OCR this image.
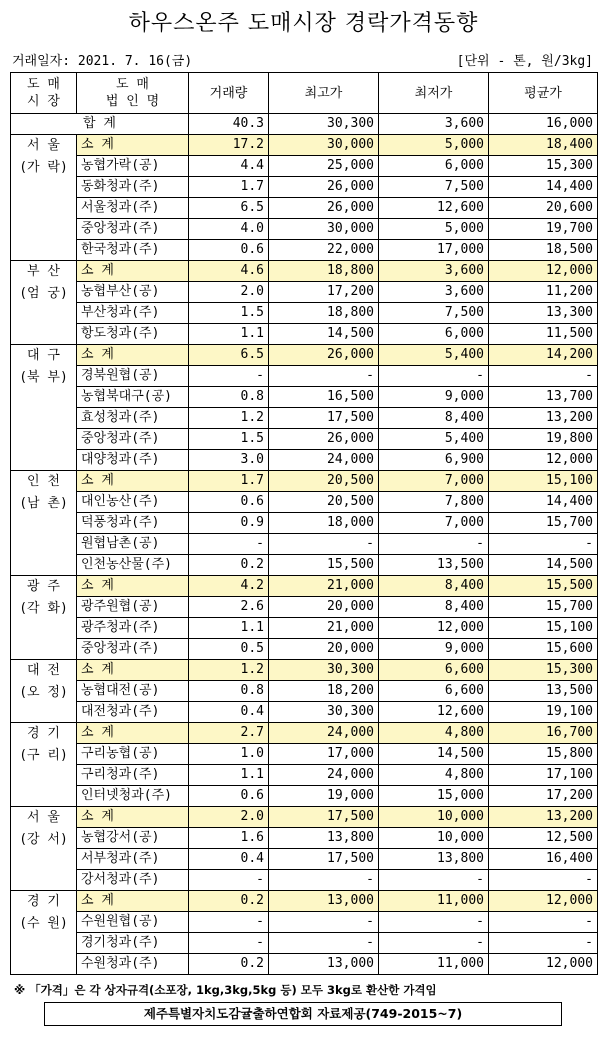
하우스온주 도매시장 경락가격동향
거래일자: 2021. 7. 16(금)	[단위 - 톤, 원/3kg]
도 매
시 장	도 매
법 인 명	거래량	최고가	최저가	평균가
합 계		40.3	30,300	3,600	16,000

서 울
(가 락)	소 계	17.2	30,000	5,000	18,400
	농협가락(공)	4.4	25,000	6,000	15,300
	동화청과(주)	1.7	26,000	7,500	14,400
	서울청과(주)	6.5	26,000	12,600	20,600
	중앙청과(주)	4.0	30,000	5,000	19,700
	한국청과(주)	0.6	22,000	17,000	18,500

부 산
(엄 궁)	소 계	4.6	18,800	3,600	12,000
	농협부산(공)	2.0	17,200	3,600	11,200
	부산청과(주)	1.5	18,800	7,500	13,300
	항도청과(주)	1.1	14,500	6,000	11,500

대 구
(북 부)	소 계	6.5	26,000	5,400	14,200
	경북원협(공)	-	-	-	-
	농협북대구(공)	0.8	16,500	9,000	13,700
	효성청과(주)	1.2	17,500	8,400	13,200
	중앙청과(주)	1.5	26,000	5,400	19,800
	대양청과(주)	3.0	24,000	6,900	12,000

인 천
(남 촌)	소 계	1.7	20,500	7,000	15,100
	대인농산(주)	0.6	20,500	7,800	14,400
	덕풍청과(주)	0.9	18,000	7,000	15,700
	원협남촌(공)	-	-	-	-
	인천농산물(주)	0.2	15,500	13,500	14,500

광 주
(각 화)	소 계	4.2	21,000	8,400	15,500
	광주원협(공)	2.6	20,000	8,400	15,700
	광주청과(주)	1.1	21,000	12,000	15,100
	중앙청과(주)	0.5	20,000	9,000	15,600

대 전
(오 정)	소 계	1.2	30,300	6,600	15,300
	농협대전(공)	0.8	18,200	6,600	13,500
	대전청과(주)	0.4	30,300	12,600	19,100

경 기
(구 리)	소 계	2.7	24,000	4,800	16,700
	구리농협(공)	1.0	17,000	14,500	15,800
	구리청과(주)	1.1	24,000	4,800	17,100
	인터넷청과(주)	0.6	19,000	15,000	17,200

서 울
(강 서)	소 계	2.0	17,500	10,000	13,200
	농협강서(공)	1.6	13,800	10,000	12,500
	서부청과(주)	0.4	17,500	13,800	16,400
	강서청과(주)	-	-	-	-

경 기
(수 원)	소 계	0.2	13,000	11,000	12,000
	수원원협(공)	-	-	-	-
	경기청과(주)	-	-	-	-
	수원청과(주)	0.2	13,000	11,000	12,000
※ 「가격」은 각 상자규격(소포장, 1kg,3kg,5kg 등) 모두 3kg로 환산한 가격임
제주특별자치도감귤출하연합회 자료제공(749-2015~7)
